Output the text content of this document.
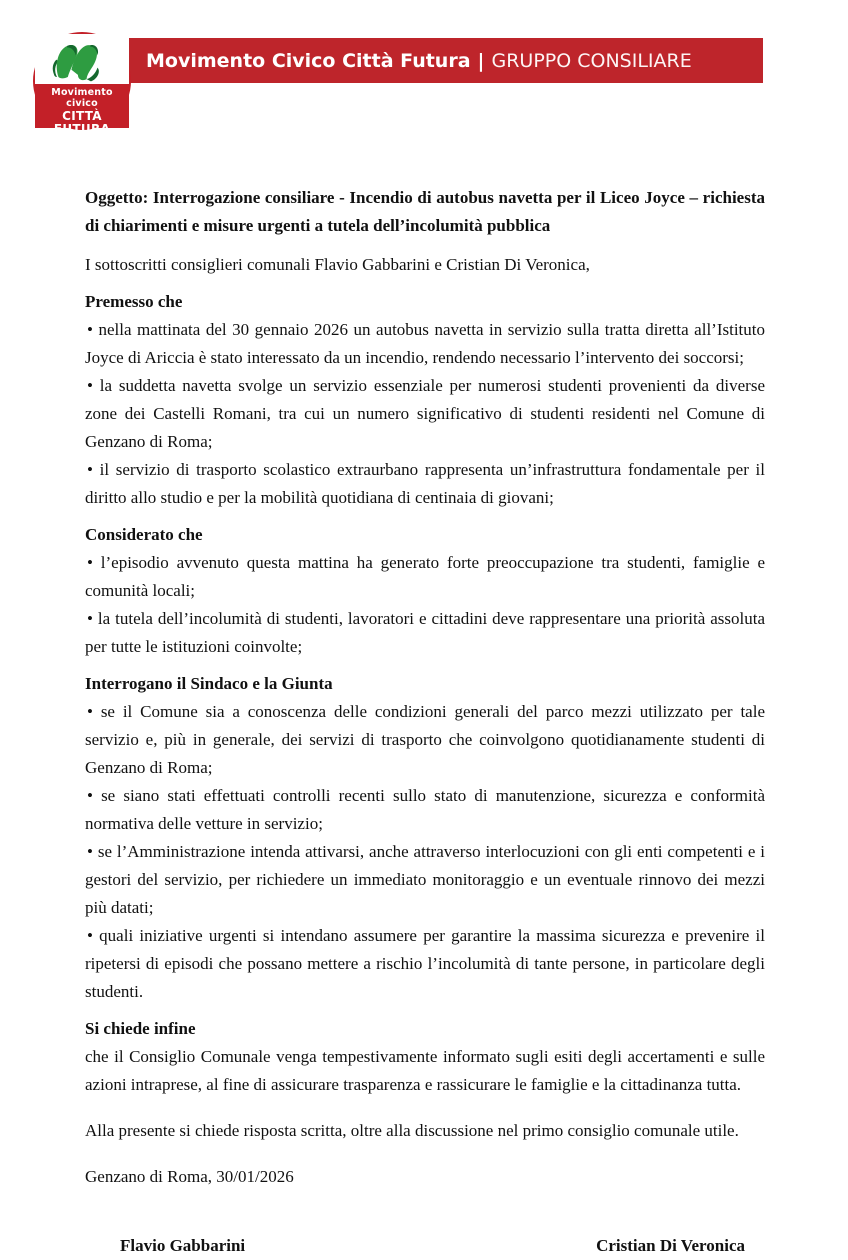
Movimento Civico Città Futura | GRUPPO CONSILIARE
Movimento civico
CITTÀ
FUTURA

Oggetto: Interrogazione consiliare - Incendio di autobus navetta per il Liceo Joyce – richiesta di chiarimenti e misure urgenti a tutela dell’incolumità pubblica

I sottoscritti consiglieri comunali Flavio Gabbarini e Cristian Di Veronica,

Premesso che

• nella mattinata del 30 gennaio 2026 un autobus navetta in servizio sulla tratta diretta all’Istituto Joyce di Ariccia è stato interessato da un incendio, rendendo necessario l’intervento dei soccorsi;

• la suddetta navetta svolge un servizio essenziale per numerosi studenti provenienti da diverse zone dei Castelli Romani, tra cui un numero significativo di studenti residenti nel Comune di Genzano di Roma;

• il servizio di trasporto scolastico extraurbano rappresenta un’infrastruttura fondamentale per il diritto allo studio e per la mobilità quotidiana di centinaia di giovani;

Considerato che

• l’episodio avvenuto questa mattina ha generato forte preoccupazione tra studenti, famiglie e comunità locali;

• la tutela dell’incolumità di studenti, lavoratori e cittadini deve rappresentare una priorità assoluta per tutte le istituzioni coinvolte;

Interrogano il Sindaco e la Giunta

• se il Comune sia a conoscenza delle condizioni generali del parco mezzi utilizzato per tale servizio e, più in generale, dei servizi di trasporto che coinvolgono quotidianamente studenti di Genzano di Roma;

• se siano stati effettuati controlli recenti sullo stato di manutenzione, sicurezza e conformità normativa delle vetture in servizio;

• se l’Amministrazione intenda attivarsi, anche attraverso interlocuzioni con gli enti competenti e i gestori del servizio, per richiedere un immediato monitoraggio e un eventuale rinnovo dei mezzi più datati;

• quali iniziative urgenti si intendano assumere per garantire la massima sicurezza e prevenire il ripetersi di episodi che possano mettere a rischio l’incolumità di tante persone, in particolare degli studenti.

Si chiede infine

che il Consiglio Comunale venga tempestivamente informato sugli esiti degli accertamenti e sulle azioni intraprese, al fine di assicurare trasparenza e rassicurare le famiglie e la cittadinanza tutta.

Alla presente si chiede risposta scritta, oltre alla discussione nel primo consiglio comunale utile.

Genzano di Roma, 30/01/2026

Flavio Gabbarini	Cristian Di Veronica
